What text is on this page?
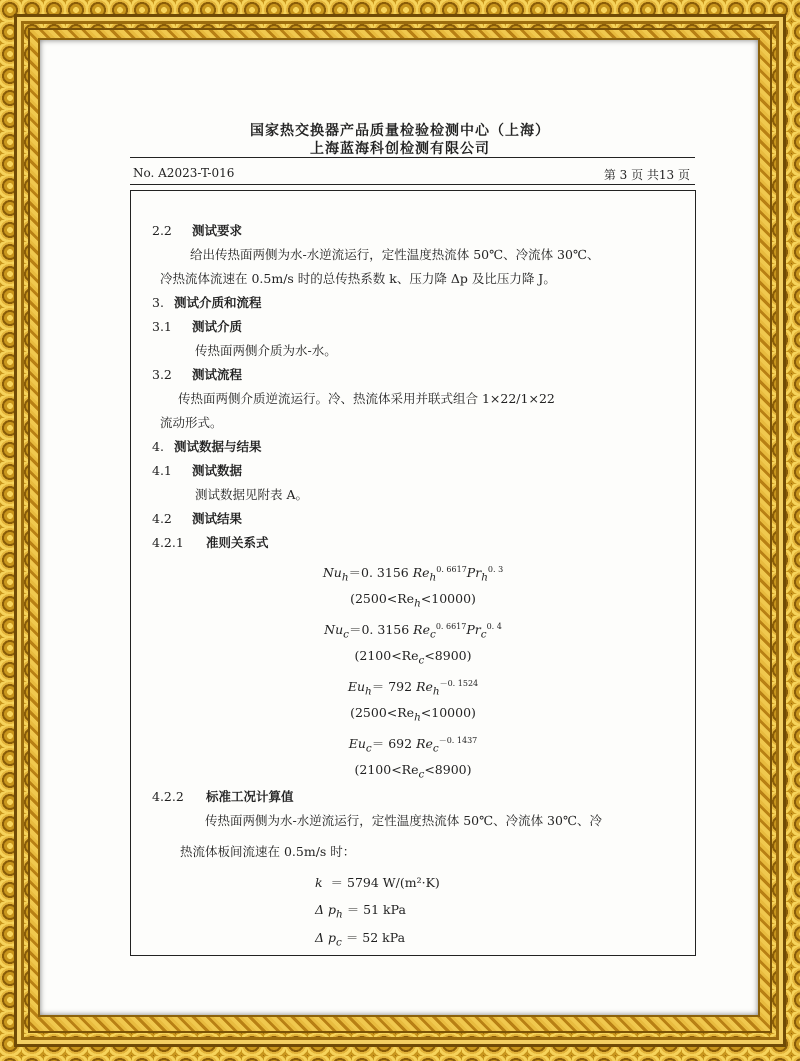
国家热交换器产品质量检验检测中心（上海）
上海蓝海科创检测有限公司
No. A2023-T-016	第 3 页 共13 页
2.2 测试要求
给出传热面两侧为水-水逆流运行，定性温度热流体 50℃、冷流体 30℃、
冷热流体流速在 0.5m/s 时的总传热系数 k、压力降 Δp 及比压力降 J。
3. 测试介质和流程
3.1 测试介质
传热面两侧介质为水-水。
3.2 测试流程
传热面两侧介质逆流运行。冷、热流体采用并联式组合 1×22/1×22
流动形式。
4. 测试数据与结果
4.1 测试数据
测试数据见附表 A。
4.2 测试结果
4.2.1 准则关系式
$Nu_h=0$. 3156 $Re_h^{0. 6617}Pr_h^{0. 3}$
$(2500<Re_h<10000)$
$Nu_c=0$. 3156 $Re_c^{0. 6617}Pr_c^{0. 4}$
$(2100<Re_c<8900)$
$Eu_h= 792$ $Re_h^{-0. 1524}$
$(2500<Re_h<10000)$
$Eu_c= 692$ $Re_c^{-0. 1437}$
$(2100<Re_c<8900)$
4.2.2 标准工况计算值
传热面两侧为水-水逆流运行，定性温度热流体 50℃、冷流体 30℃、冷
热流体板间流速在 0.5m/s 时：
k ＝ 5794 W/(m²·K)
Δ $p_h = 51$ kPa
Δ $p_c = 52$ kPa
